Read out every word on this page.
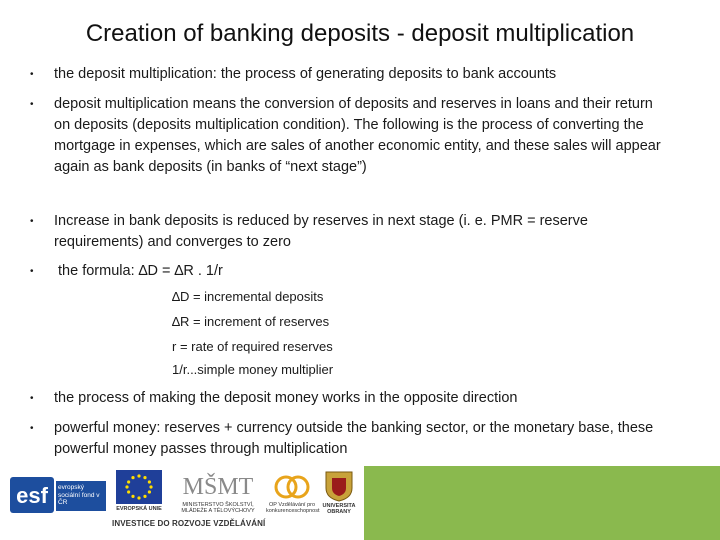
Creation of banking deposits - deposit multiplication
•	the deposit multiplication: the process of generating deposits to bank accounts
•	deposit multiplication means the conversion of deposits and reserves in loans and their return on deposits (deposits multiplication condition). The following is the process of converting the mortgage in expenses, which are sales of another economic entity, and these sales will appear again as bank deposits (in banks of “next stage”)
•	Increase in bank deposits is reduced by reserves in next stage (i. e. PMR = reserve requirements) and converges to zero
•	the formula: ∆D = ∆R . 1/r
∆D = incremental deposits
∆R = increment of reserves
r = rate of required reserves
1/r...simple money multiplier
•	the process of making the deposit money works in the opposite direction
•	powerful money: reserves + currency outside the banking sector, or the monetary base, these powerful money passes through multiplication
esf evropský sociální fond v ČR
EVROPSKÁ UNIE
MŠMT
MINISTERSTVO ŠKOLSTVÍ, MLÁDEŽE A TĚLOVÝCHOVY
OP Vzdělávání pro konkurenceschopnost
UNIVERSITA OBRANY
INVESTICE DO ROZVOJE VZDĚLÁVÁNÍ
